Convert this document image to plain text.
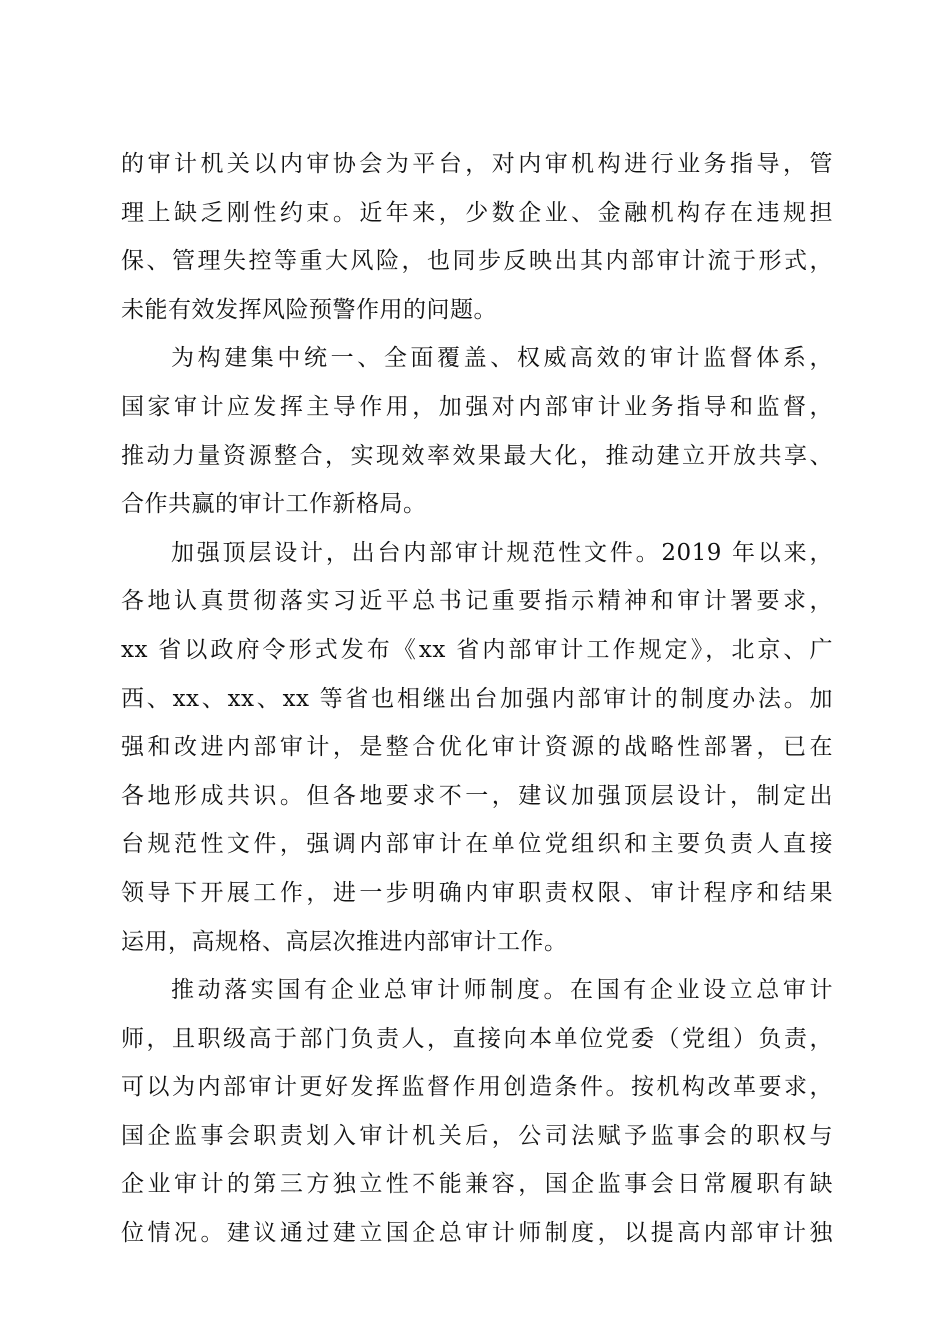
的审计机关以内审协会为平台，对内审机构进行业务指导，管
理上缺乏刚性约束。近年来，少数企业、金融机构存在违规担
保、管理失控等重大风险，也同步反映出其内部审计流于形式，
未能有效发挥风险预警作用的问题。
为构建集中统一、全面覆盖、权威高效的审计监督体系，
国家审计应发挥主导作用，加强对内部审计业务指导和监督，
推动力量资源整合，实现效率效果最大化，推动建立开放共享、
合作共赢的审计工作新格局。
加强顶层设计，出台内部审计规范性文件。2019 年以来，
各地认真贯彻落实习近平总书记重要指示精神和审计署要求，
xx 省以政府令形式发布《xx 省内部审计工作规定》，北京、广
西、xx、xx、xx 等省也相继出台加强内部审计的制度办法。加
强和改进内部审计，是整合优化审计资源的战略性部署，已在
各地形成共识。但各地要求不一，建议加强顶层设计，制定出
台规范性文件，强调内部审计在单位党组织和主要负责人直接
领导下开展工作，进一步明确内审职责权限、审计程序和结果
运用，高规格、高层次推进内部审计工作。
推动落实国有企业总审计师制度。在国有企业设立总审计
师，且职级高于部门负责人，直接向本单位党委（党组）负责，
可以为内部审计更好发挥监督作用创造条件。按机构改革要求，
国企监事会职责划入审计机关后，公司法赋予监事会的职权与
企业审计的第三方独立性不能兼容，国企监事会日常履职有缺
位情况。建议通过建立国企总审计师制度，以提高内部审计独
